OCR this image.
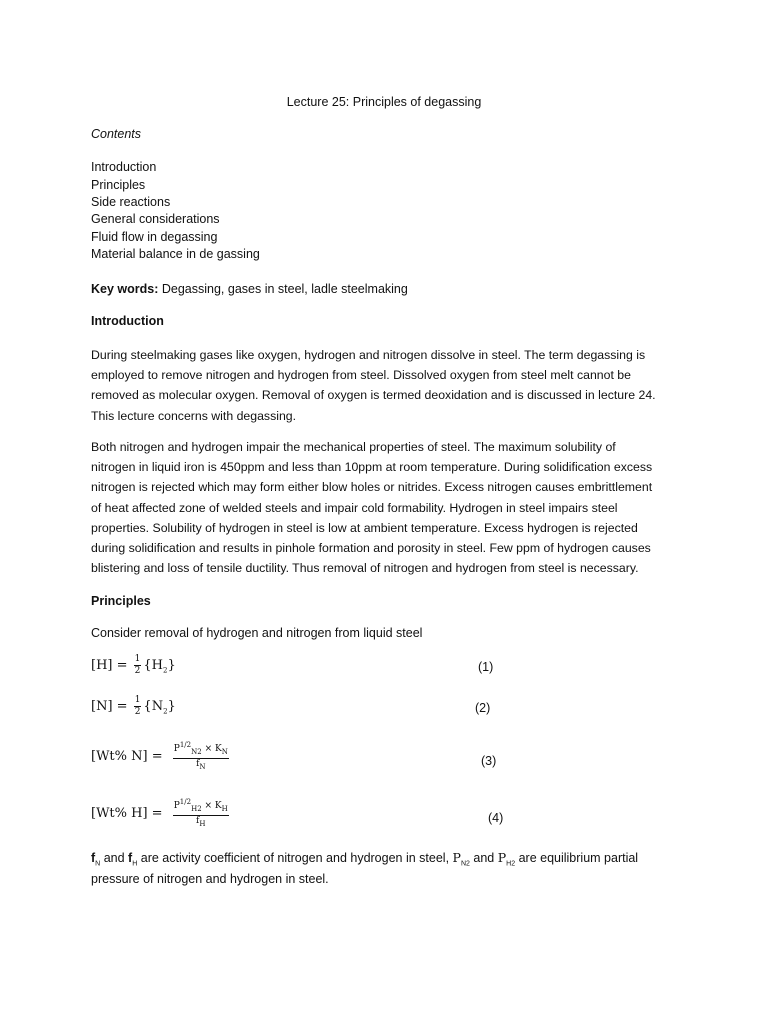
Lecture 25: Principles of degassing
Contents
Introduction
Principles
Side reactions
General considerations
Fluid flow in degassing
Material balance in de gassing
Key words: Degassing, gases in steel, ladle steelmaking
Introduction
During steelmaking gases like oxygen, hydrogen and nitrogen dissolve in steel. The term degassing is
employed to remove nitrogen and hydrogen from steel. Dissolved oxygen from steel melt cannot be
removed as molecular oxygen. Removal of oxygen is termed deoxidation and is discussed in lecture 24.
This lecture concerns with degassing.
Both nitrogen and hydrogen impair the mechanical properties of steel. The maximum solubility of
nitrogen in liquid iron is 450ppm and less than 10ppm at room temperature. During solidification excess
nitrogen is rejected which may form either blow holes or nitrides. Excess nitrogen causes embrittlement
of heat affected zone of welded steels and impair cold formability. Hydrogen in steel impairs steel
properties. Solubility of hydrogen in steel is low at ambient temperature. Excess hydrogen is rejected
during solidification and results in pinhole formation and porosity in steel. Few ppm of hydrogen causes
blistering and loss of tensile ductility. Thus removal of nitrogen and hydrogen from steel is necessary.
Principles
Consider removal of hydrogen and nitrogen from liquid steel
$[H] = \frac{1}{2} \{H_2\}$	(1)
$[N] = \frac{1}{2} \{N_2\}$	(2)
[Wt% $N] = \frac{P^{1/2}_{N2} \times K_N}{f_N}$	(3)
[Wt% $H] = \frac{P^{1/2}_{H2} \times K_H}{f_H}$	(4)
$f_N$ and $f_H$ are activity coefficient of nitrogen and hydrogen in steel, $P_{N2}$ and $P_{H2}$ are equilibrium partial
pressure of nitrogen and hydrogen in steel.
